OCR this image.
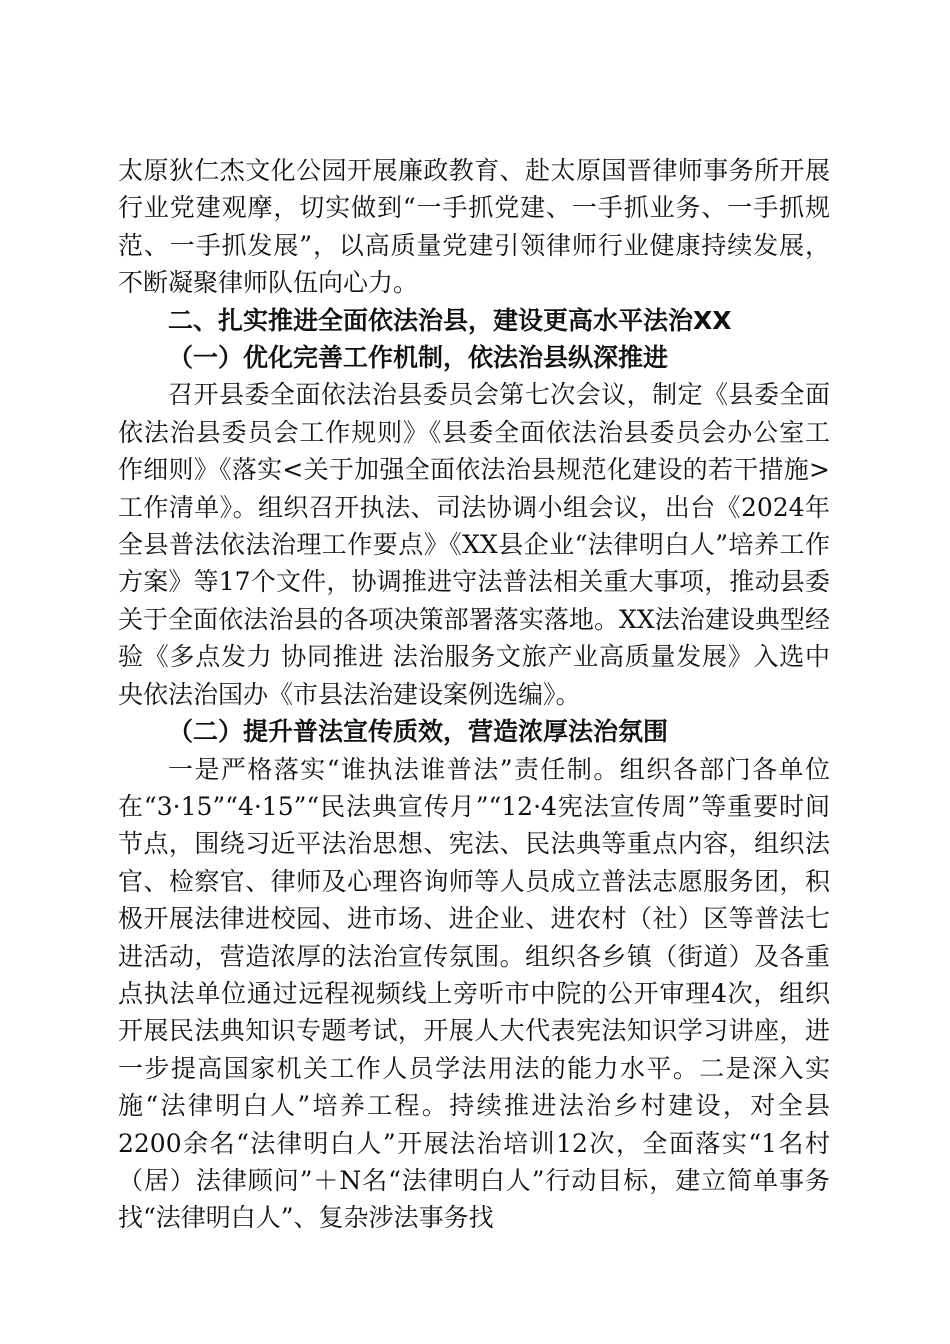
太原狄仁杰文化公园开展廉政教育、赴太原国晋律师事务所开展行业党建观摩，切实做到“一手抓党建、一手抓业务、一手抓规范、一手抓发展”，以高质量党建引领律师行业健康持续发展，不断凝聚律师队伍向心力。

二、扎实推进全面依法治县，建设更高水平法治XX

（一）优化完善工作机制，依法治县纵深推进

召开县委全面依法治县委员会第七次会议，制定《县委全面依法治县委员会工作规则》《县委全面依法治县委员会办公室工作细则》《落实<关于加强全面依法治县规范化建设的若干措施>工作清单》。组织召开执法、司法协调小组会议，出台《2024年全县普法依法治理工作要点》《XX县企业“法律明白人”培养工作方案》等17个文件，协调推进守法普法相关重大事项，推动县委关于全面依法治县的各项决策部署落实落地。XX法治建设典型经验《多点发力 协同推进 法治服务文旅产业高质量发展》入选中央依法治国办《市县法治建设案例选编》。

（二）提升普法宣传质效，营造浓厚法治氛围

一是严格落实“谁执法谁普法”责任制。组织各部门各单位在“3·15”“4·15”“民法典宣传月”“12·4宪法宣传周”等重要时间节点，围绕习近平法治思想、宪法、民法典等重点内容，组织法官、检察官、律师及心理咨询师等人员成立普法志愿服务团，积极开展法律进校园、进市场、进企业、进农村（社）区等普法七进活动，营造浓厚的法治宣传氛围。组织各乡镇（街道）及各重点执法单位通过远程视频线上旁听市中院的公开审理4次，组织开展民法典知识专题考试，开展人大代表宪法知识学习讲座，进一步提高国家机关工作人员学法用法的能力水平。二是深入实施“法律明白人”培养工程。持续推进法治乡村建设，对全县2200余名“法律明白人”开展法治培训12次，全面落实“1名村（居）法律顾问”＋N名“法律明白人”行动目标，建立简单事务找“法律明白人”、复杂涉法事务找
